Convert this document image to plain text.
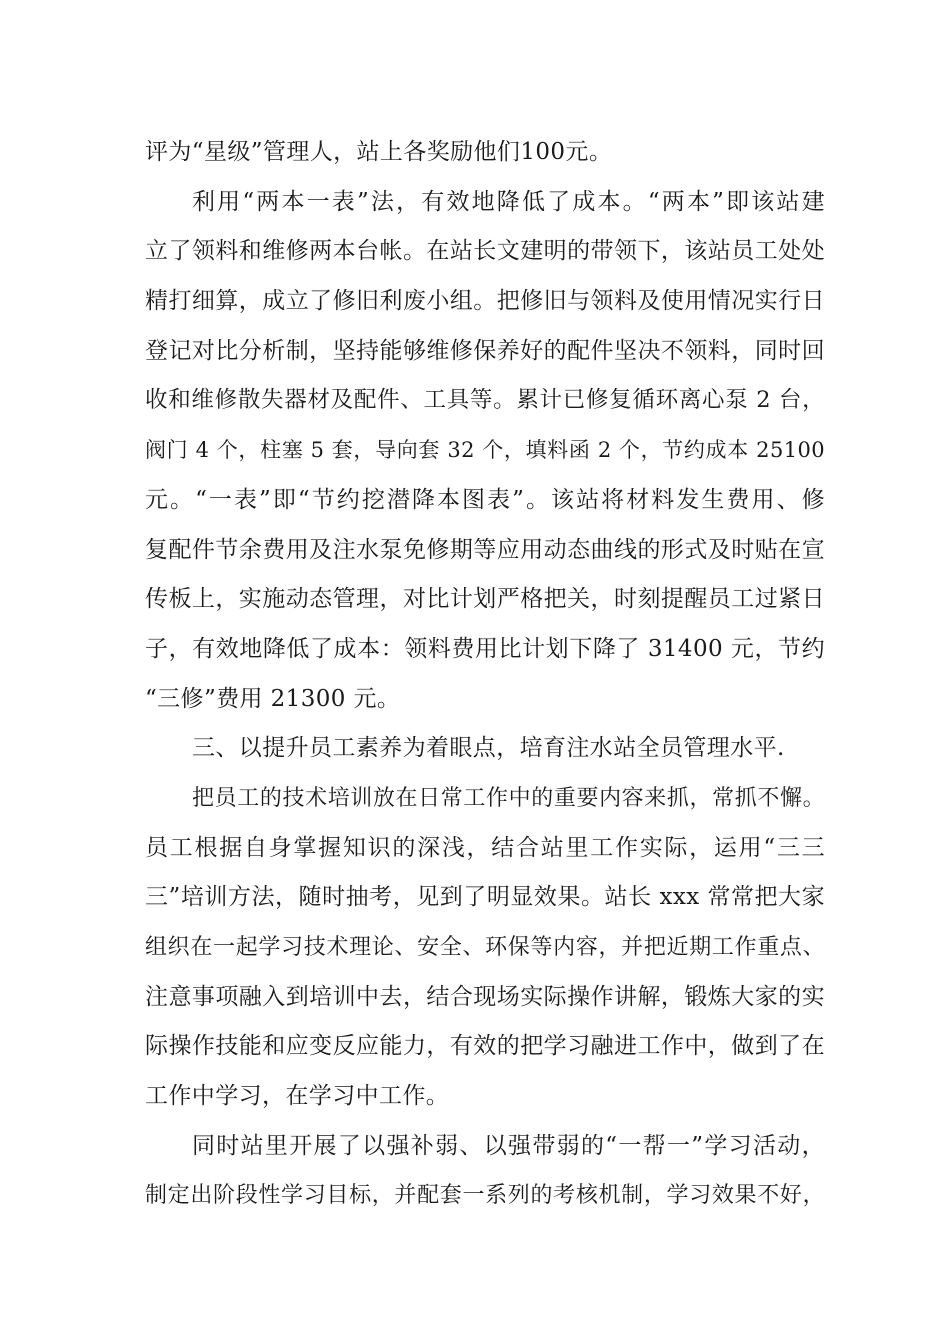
评为“星级”管理人，站上各奖励他们100元。
利用“两本一表”法，有效地降低了成本。“两本”即该站建
立了领料和维修两本台帐。在站长文建明的带领下，该站员工处处
精打细算，成立了修旧利废小组。把修旧与领料及使用情况实行日
登记对比分析制，坚持能够维修保养好的配件坚决不领料，同时回
收和维修散失器材及配件、工具等。累计已修复循环离心泵 2 台，
阀门 4 个，柱塞 5 套，导向套 32 个，填料函 2 个，节约成本 25100
元。“一表”即“节约挖潜降本图表”。该站将材料发生费用、修
复配件节余费用及注水泵免修期等应用动态曲线的形式及时贴在宣
传板上，实施动态管理，对比计划严格把关，时刻提醒员工过紧日
子，有效地降低了成本：领料费用比计划下降了 31400 元，节约
“三修”费用 21300 元。
三、以提升员工素养为着眼点，培育注水站全员管理水平.
把员工的技术培训放在日常工作中的重要内容来抓，常抓不懈。
员工根据自身掌握知识的深浅，结合站里工作实际，运用“三三
三”培训方法，随时抽考，见到了明显效果。站长 xxx 常常把大家
组织在一起学习技术理论、安全、环保等内容，并把近期工作重点、
注意事项融入到培训中去，结合现场实际操作讲解，锻炼大家的实
际操作技能和应变反应能力，有效的把学习融进工作中，做到了在
工作中学习，在学习中工作。
同时站里开展了以强补弱、以强带弱的“一帮一”学习活动，
制定出阶段性学习目标，并配套一系列的考核机制，学习效果不好，
